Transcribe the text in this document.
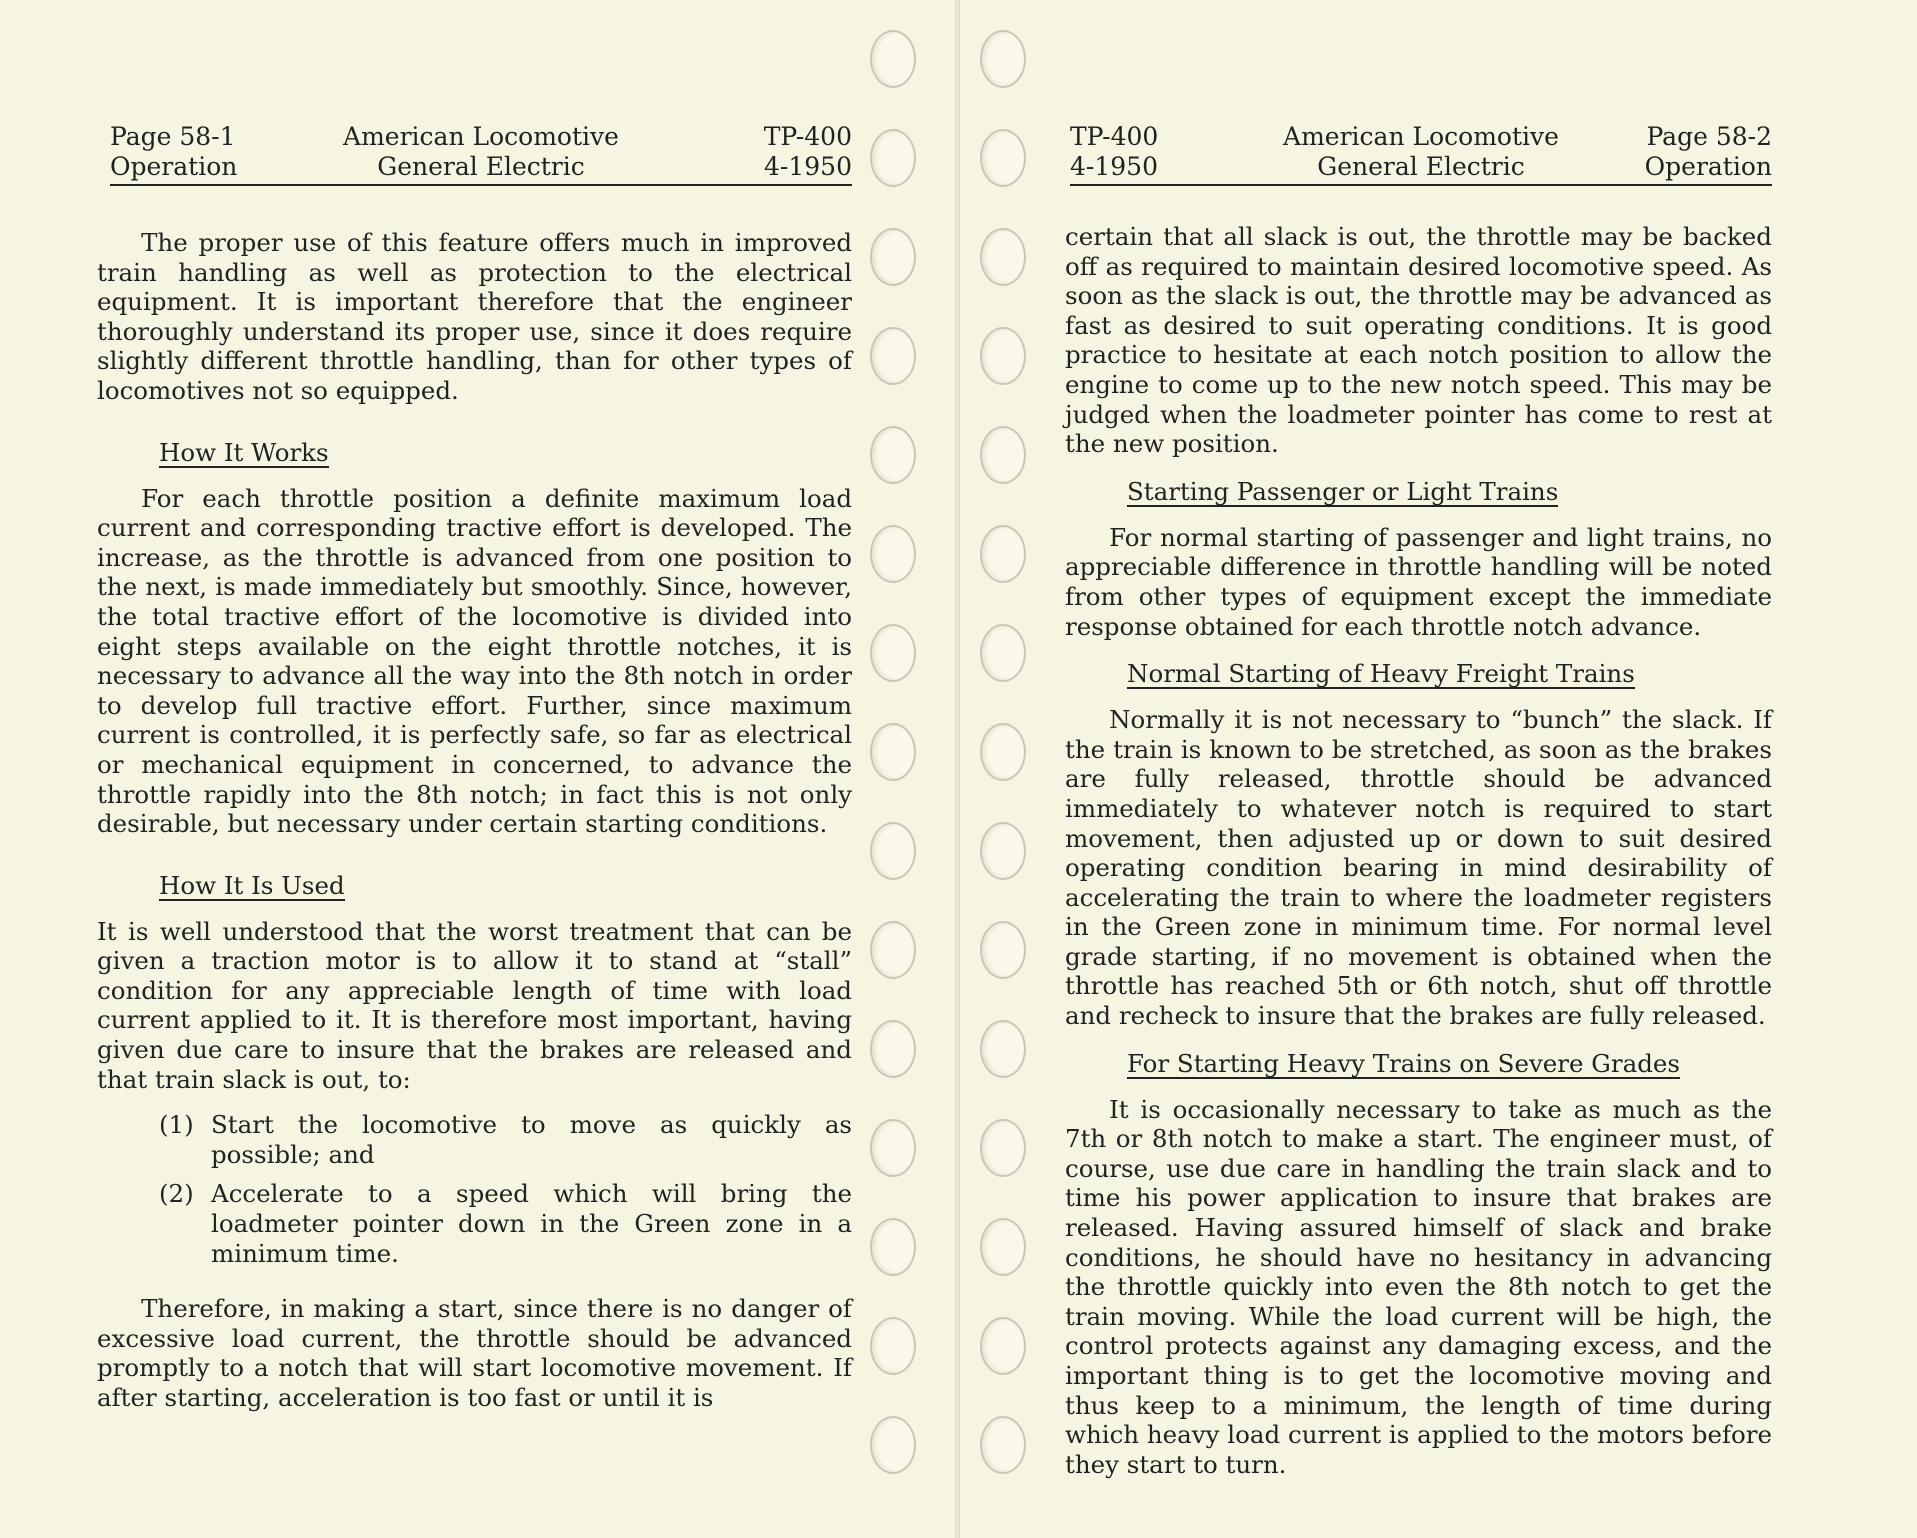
Page 58-1
Operation
American Locomotive
General Electric
TP-400
4-1950

The proper use of this feature offers much in improved train handling as well as protection to the electrical equipment. It is important therefore that the engineer thoroughly understand its proper use, since it does require slightly different throttle handling, than for other types of locomotives not so equipped.

How It Works

For each throttle position a definite maximum load current and corresponding tractive effort is developed. The increase, as the throttle is advanced from one position to the next, is made immediately but smoothly. Since, however, the total tractive effort of the locomotive is divided into eight steps available on the eight throttle notches, it is necessary to advance all the way into the 8th notch in order to develop full tractive effort. Further, since maximum current is controlled, it is perfectly safe, so far as electrical or mechanical equipment in concerned, to advance the throttle rapidly into the 8th notch; in fact this is not only desirable, but necessary under certain starting conditions.

How It Is Used

It is well understood that the worst treatment that can be given a traction motor is to allow it to stand at “stall” condition for any appreciable length of time with load current applied to it. It is therefore most important, having given due care to insure that the brakes are released and that train slack is out, to:

(1) Start the locomotive to move as quickly as possible; and
(2) Accelerate to a speed which will bring the loadmeter pointer down in the Green zone in a minimum time.

Therefore, in making a start, since there is no danger of excessive load current, the throttle should be advanced promptly to a notch that will start locomotive movement. If after starting, acceleration is too fast or until it is

TP-400
4-1950
American Locomotive
General Electric
Page 58-2
Operation

certain that all slack is out, the throttle may be backed off as required to maintain desired locomotive speed. As soon as the slack is out, the throttle may be advanced as fast as desired to suit operating conditions. It is good practice to hesitate at each notch position to allow the engine to come up to the new notch speed. This may be judged when the loadmeter pointer has come to rest at the new position.

Starting Passenger or Light Trains

For normal starting of passenger and light trains, no appreciable difference in throttle handling will be noted from other types of equipment except the immediate response obtained for each throttle notch advance.

Normal Starting of Heavy Freight Trains

Normally it is not necessary to “bunch” the slack. If the train is known to be stretched, as soon as the brakes are fully released, throttle should be advanced immediately to whatever notch is required to start movement, then adjusted up or down to suit desired operating condition bearing in mind desirability of accelerating the train to where the loadmeter registers in the Green zone in minimum time. For normal level grade starting, if no movement is obtained when the throttle has reached 5th or 6th notch, shut off throttle and recheck to insure that the brakes are fully released.

For Starting Heavy Trains on Severe Grades

It is occasionally necessary to take as much as the 7th or 8th notch to make a start. The engineer must, of course, use due care in handling the train slack and to time his power application to insure that brakes are released. Having assured himself of slack and brake conditions, he should have no hesitancy in advancing the throttle quickly into even the 8th notch to get the train moving. While the load current will be high, the control protects against any damaging excess, and the important thing is to get the locomotive moving and thus keep to a minimum, the length of time during which heavy load current is applied to the motors before they start to turn.
